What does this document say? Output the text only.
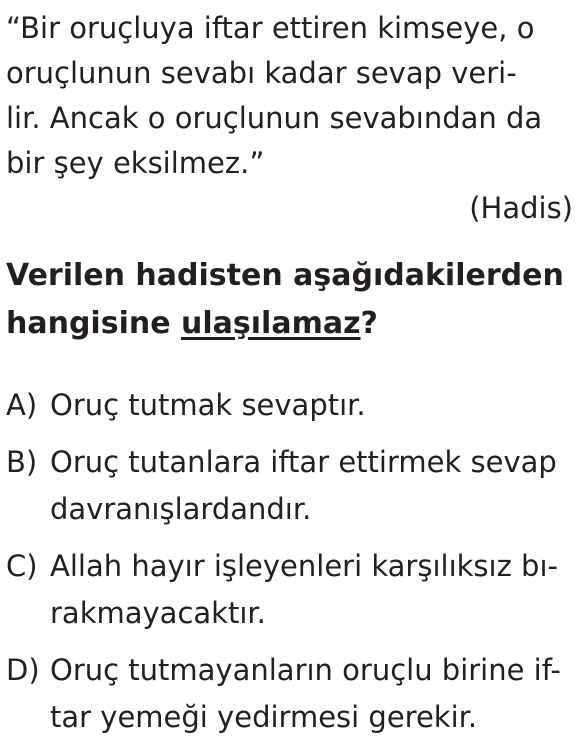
“Bir oruçluya iftar ettiren kimseye, o
oruçlunun sevabı kadar sevap veri-
lir. Ancak o oruçlunun sevabından da
bir şey eksilmez.”
(Hadis)
Verilen hadisten aşağıdakilerden
hangisine ulaşılamaz?
A) Oruç tutmak sevaptır.
B) Oruç tutanlara iftar ettirmek sevap
davranışlardandır.
C) Allah hayır işleyenleri karşılıksız bı-
rakmayacaktır.
D) Oruç tutmayanların oruçlu birine if-
tar yemeği yedirmesi gerekir.
